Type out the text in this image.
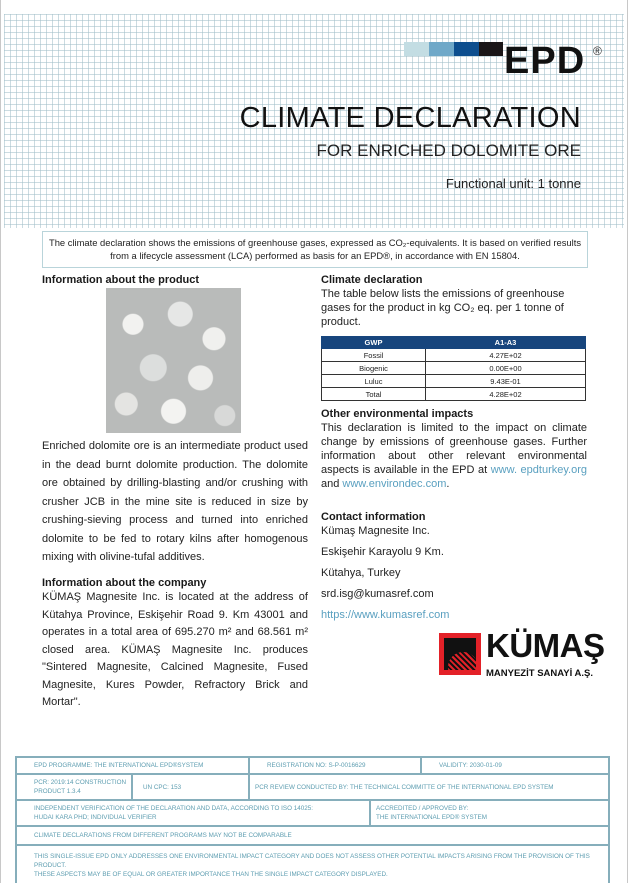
EPD ®
CLIMATE DECLARATION
FOR ENRICHED DOLOMITE ORE
Functional unit: 1 tonne
The climate declaration shows the emissions of greenhouse gases, expressed as CO₂-equivalents. It is based on verified results
from a lifecycle assessment (LCA) performed as basis for an EPD®, in accordance with EN 15804.
Information about the product
Enriched dolomite ore is an intermediate product used in the dead burnt dolomite production. The dolomite ore obtained by drilling-blasting and/or crushing with crusher JCB in the mine site is reduced in size by crushing-sieving process and turned into enriched dolomite to be fed to rotary kilns after homogenous mixing with olivine-tufal additives.
Information about the company
KÜMAŞ Magnesite Inc. is located at the address of Kütahya Province, Eskişehir Road 9. Km 43001 and operates in a total area of 695.270 m² and 68.561 m² closed area. KÜMAŞ Magnesite Inc. produces "Sintered Magnesite, Calcined Magnesite, Fused Magnesite, Kures Powder, Refractory Brick and Mortar".
Climate declaration
The table below lists the emissions of greenhouse gases for the product in kg CO₂ eq. per 1 tonne of product.
GWP	A1-A3
Fossil	4.27E+02
Biogenic	0.00E+00
Luluc	9.43E-01
Total	4.28E+02
Other environmental impacts
This declaration is limited to the impact on climate change by emissions of greenhouse gases. Further information about other relevant environmental aspects is available in the EPD at www. epdturkey.org and www.environdec.com.
Contact information
Kümaş Magnesite Inc.
Eskişehir Karayolu 9 Km.
Kütahya, Turkey
srd.isg@kumasref.com
https://www.kumasref.com
KÜMAŞ
MANYEZİT SANAYİ A.Ş.
EPD PROGRAMME: THE INTERNATIONAL EPD®SYSTEM	REGISTRATION NO: S-P-0016629	VALIDITY: 2030-01-09
PCR: 2019:14 CONSTRUCTION
PRODUCT 1.3.4
UN CPC: 153	PCR REVIEW CONDUCTED BY: THE TECHNICAL COMMITTE OF THE INTERNATIONAL EPD SYSTEM
INDEPENDENT VERIFICATION OF THE DECLARATION AND DATA, ACCORDING TO ISO 14025:
HUDAI KARA PHD; INDIVIDUAL VERIFIER
ACCREDITED / APPROVED BY:
THE INTERNATIONAL EPD® SYSTEM
CLIMATE DECLARATIONS FROM DIFFERENT PROGRAMS MAY NOT BE COMPARABLE
THIS SINGLE-ISSUE EPD ONLY ADDRESSES ONE ENVIRONMENTAL IMPACT CATEGORY AND DOES NOT ASSESS OTHER POTENTIAL IMPACTS ARISING FROM THE PROVISION OF THIS PRODUCT.
THESE ASPECTS MAY BE OF EQUAL OR GREATER IMPORTANCE THAN THE SINGLE IMPACT CATEGORY DISPLAYED.
